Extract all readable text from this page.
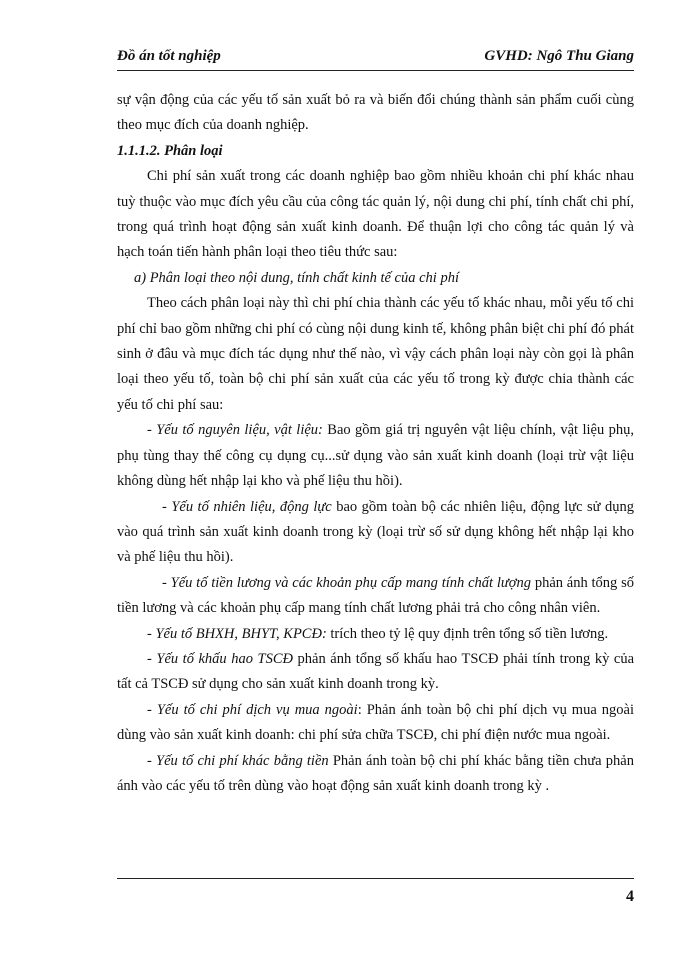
Đồ án tốt nghiệp	GVHD: Ngô Thu Giang

sự vận động của các yếu tố sản xuất bỏ ra và biến đổi chúng thành sản phẩm cuối cùng theo mục đích của doanh nghiệp.

1.1.1.2. Phân loại

Chi phí sản xuất trong các doanh nghiệp bao gồm nhiều khoản chi phí khác nhau tuỳ thuộc vào mục đích yêu cầu của công tác quản lý, nội dung chi phí, tính chất chi phí, trong quá trình hoạt động sản xuất kinh doanh. Để thuận lợi cho công tác quản lý và hạch toán tiến hành phân loại theo tiêu thức sau:

a) Phân loại theo nội dung, tính chất kinh tế của chi phí

Theo cách phân loại này thì chi phí chia thành các yếu tố khác nhau, mỗi yếu tố chi phí chỉ bao gồm những chi phí có cùng nội dung kinh tế, không phân biệt chi phí đó phát sinh ở đâu và mục đích tác dụng như thế nào, vì vậy cách phân loại này còn gọi là phân loại theo yếu tố, toàn bộ chi phí sản xuất của các yếu tố trong kỳ được chia thành các yếu tố chi phí sau:

- Yếu tố nguyên liệu, vật liệu: Bao gồm giá trị nguyên vật liệu chính, vật liệu phụ, phụ tùng thay thế công cụ dụng cụ...sử dụng vào sản xuất kinh doanh (loại trừ vật liệu không dùng hết nhập lại kho và phế liệu thu hồi).

- Yếu tố nhiên liệu, động lực bao gồm toàn bộ các nhiên liệu, động lực sử dụng vào quá trình sản xuất kinh doanh trong kỳ (loại trừ số sử dụng không hết nhập lại kho và phế liệu thu hồi).

- Yếu tố tiền lương và các khoản phụ cấp mang tính chất lượng phản ánh tổng số tiền lương và các khoản phụ cấp mang tính chất lương phải trả cho công nhân viên.

- Yếu tố BHXH, BHYT, KPCĐ: trích theo tỷ lệ quy định trên tổng số tiền lương.

- Yếu tố khấu hao TSCĐ phản ánh tổng số khấu hao TSCĐ phải tính trong kỳ của tất cả TSCĐ sử dụng cho sản xuất kinh doanh trong kỳ.

- Yếu tố chi phí dịch vụ mua ngoài: Phản ánh toàn bộ chi phí dịch vụ mua ngoài dùng vào sản xuất kinh doanh: chi phí sửa chữa TSCĐ, chi phí điện nước mua ngoài.

- Yếu tố chi phí khác bằng tiền Phản ánh toàn bộ chi phí khác bằng tiền chưa phản ánh vào các yếu tố trên dùng vào hoạt động sản xuất kinh doanh trong kỳ .

4
